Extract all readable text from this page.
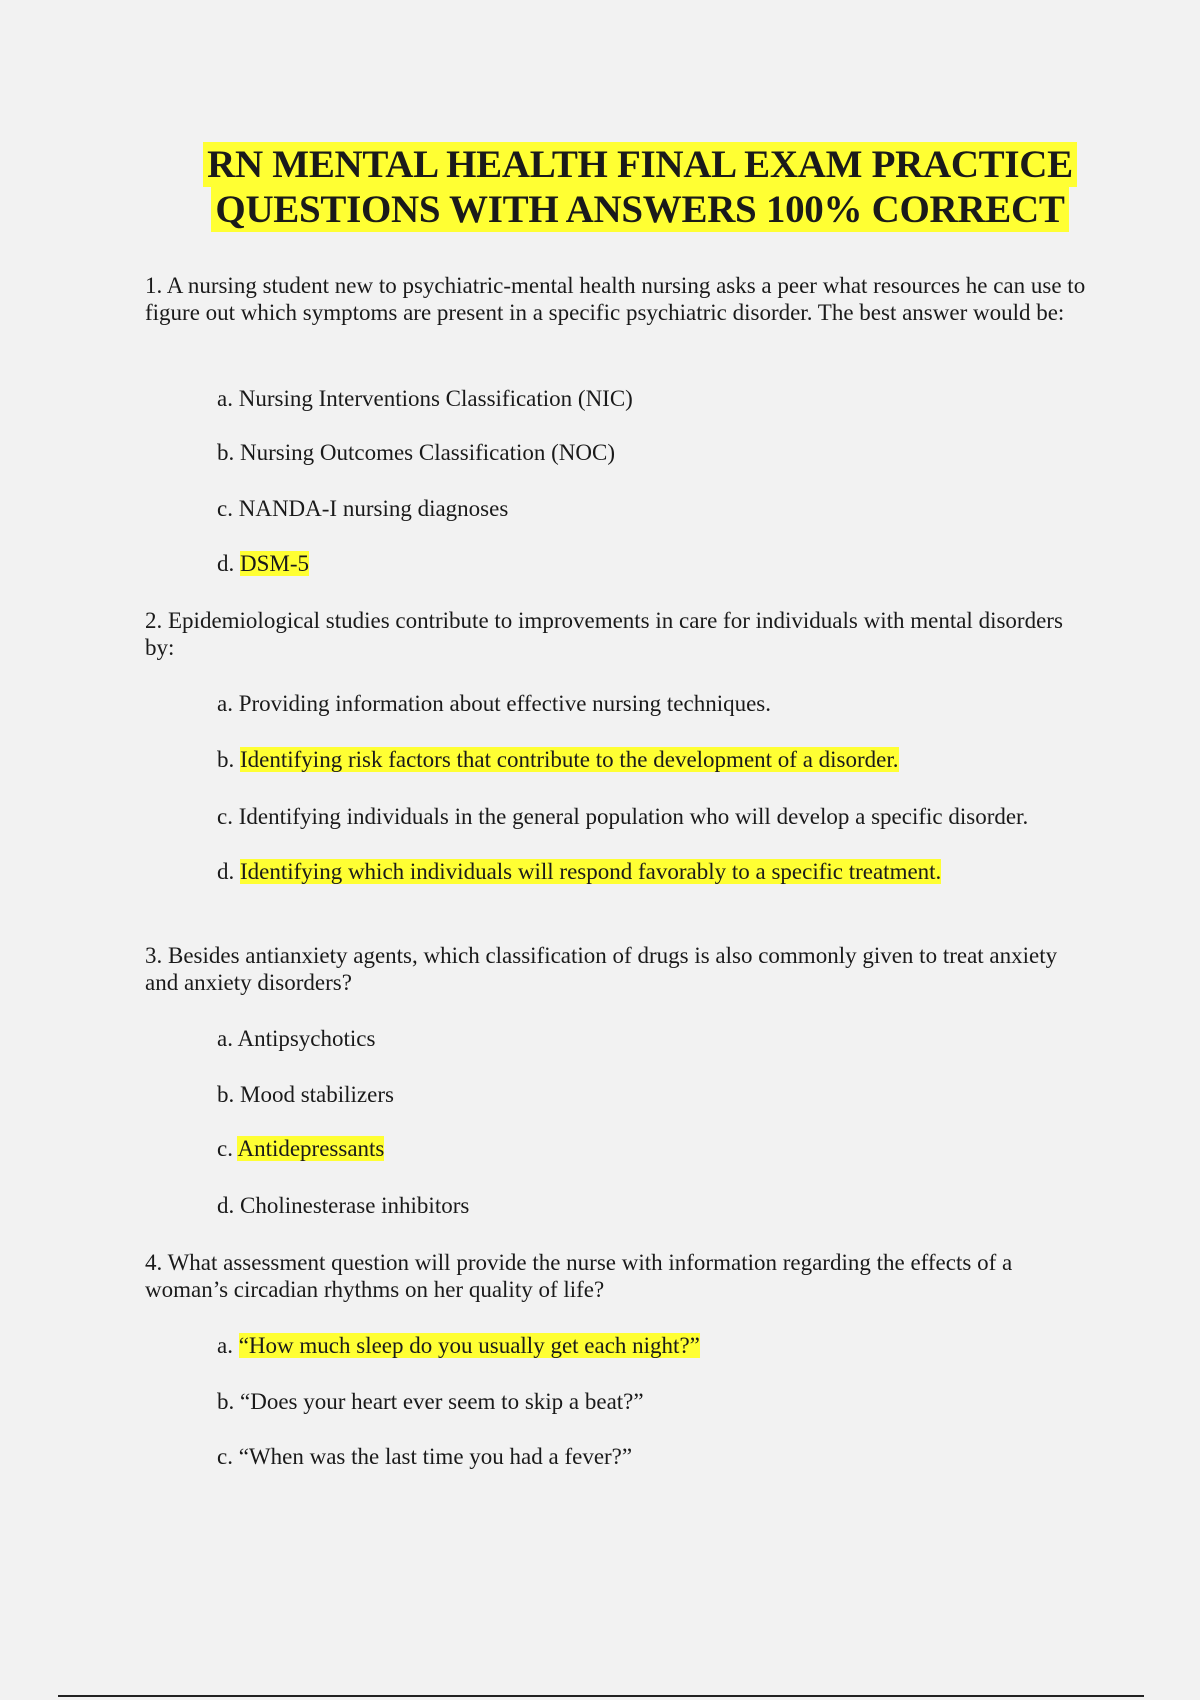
RN MENTAL HEALTH FINAL EXAM PRACTICE
QUESTIONS WITH ANSWERS 100% CORRECT
1. A nursing student new to psychiatric-mental health nursing asks a peer what resources he can use to figure out which symptoms are present in a specific psychiatric disorder. The best answer would be:
a. Nursing Interventions Classification (NIC)
b. Nursing Outcomes Classification (NOC)
c. NANDA-I nursing diagnoses
d. DSM-5
2. Epidemiological studies contribute to improvements in care for individuals with mental disorders by:
a. Providing information about effective nursing techniques.
b. Identifying risk factors that contribute to the development of a disorder.
c. Identifying individuals in the general population who will develop a specific disorder.
d. Identifying which individuals will respond favorably to a specific treatment.
3. Besides antianxiety agents, which classification of drugs is also commonly given to treat anxiety and anxiety disorders?
a. Antipsychotics
b. Mood stabilizers
c. Antidepressants
d. Cholinesterase inhibitors
4. What assessment question will provide the nurse with information regarding the effects of a woman’s circadian rhythms on her quality of life?
a. “How much sleep do you usually get each night?”
b. “Does your heart ever seem to skip a beat?”
c. “When was the last time you had a fever?”
